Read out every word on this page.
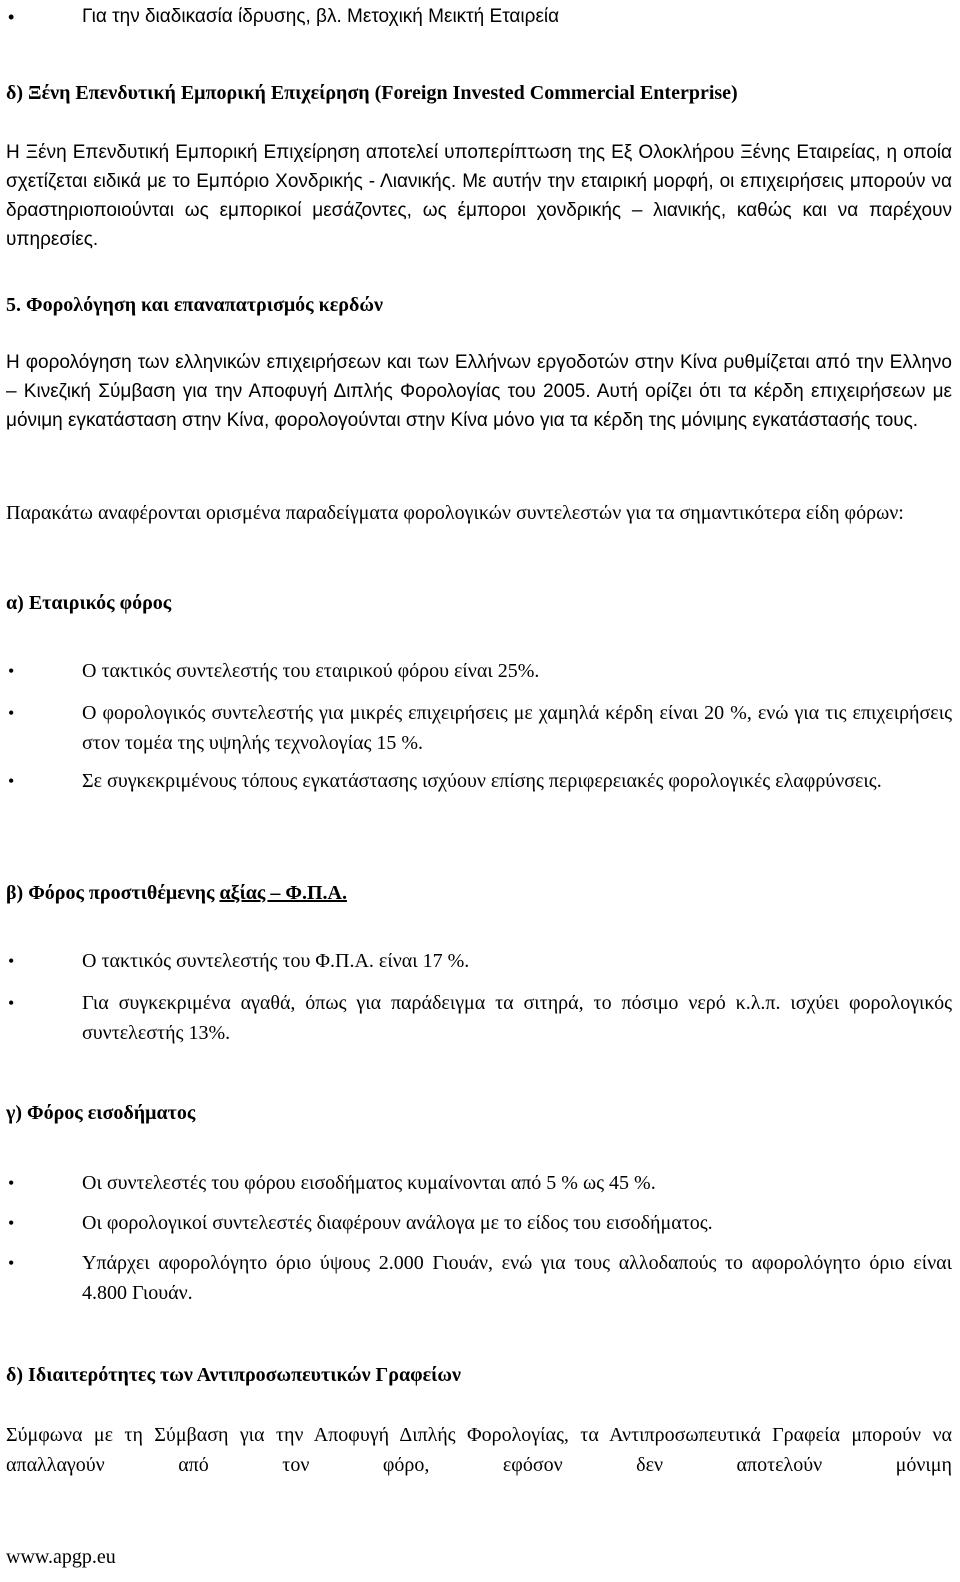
•	Για την διαδικασία ίδρυσης, βλ. Μετοχική Μεικτή Εταιρεία

δ) Ξένη Επενδυτική Εμπορική Επιχείρηση (Foreign Invested Commercial Enterprise)

Η Ξένη Επενδυτική Εμπορική Επιχείρηση αποτελεί υποπερίπτωση της Εξ Ολοκλήρου Ξένης Εταιρείας, η οποία σχετίζεται ειδικά με το Εμπόριο Χονδρικής - Λιανικής. Με αυτήν την εταιρική μορφή, οι επιχειρήσεις μπορούν να δραστηριοποιούνται ως εμπορικοί μεσάζοντες, ως έμποροι χονδρικής – λιανικής, καθώς και να παρέχουν υπηρεσίες.

5. Φορολόγηση και επαναπατρισμός κερδών

Η φορολόγηση των ελληνικών επιχειρήσεων και των Ελλήνων εργοδοτών στην Κίνα ρυθμίζεται από την Ελληνο – Κινεζική Σύμβαση για την Αποφυγή Διπλής Φορολογίας του 2005. Αυτή ορίζει ότι τα κέρδη επιχειρήσεων με μόνιμη εγκατάσταση στην Κίνα, φορολογούνται στην Κίνα μόνο για τα κέρδη της μόνιμης εγκατάστασής τους.

Παρακάτω αναφέρονται ορισμένα παραδείγματα φορολογικών συντελεστών για τα σημαντικότερα είδη φόρων:

α) Εταιρικός φόρος

•	Ο τακτικός συντελεστής του εταιρικού φόρου είναι 25%.
•	Ο φορολογικός συντελεστής για μικρές επιχειρήσεις με χαμηλά κέρδη είναι 20 %, ενώ για τις επιχειρήσεις στον τομέα της υψηλής τεχνολογίας 15 %.
•	Σε συγκεκριμένους τόπους εγκατάστασης ισχύουν επίσης περιφερειακές φορολογικές ελαφρύνσεις.

β) Φόρος προστιθέμενης αξίας – Φ.Π.Α.

•	Ο τακτικός συντελεστής του Φ.Π.Α. είναι 17 %.
•	Για συγκεκριμένα αγαθά, όπως για παράδειγμα τα σιτηρά, το πόσιμο νερό κ.λ.π. ισχύει φορολογικός συντελεστής 13%.

γ) Φόρος εισοδήματος

•	Οι συντελεστές του φόρου εισοδήματος κυμαίνονται από 5 % ως 45 %.
•	Οι φορολογικοί συντελεστές διαφέρουν ανάλογα με το είδος του εισοδήματος.
•	Υπάρχει αφορολόγητο όριο ύψους 2.000 Γιουάν, ενώ για τους αλλοδαπούς το αφορολόγητο όριο είναι 4.800 Γιουάν.

δ) Ιδιαιτερότητες των Αντιπροσωπευτικών Γραφείων

Σύμφωνα με τη Σύμβαση για την Αποφυγή Διπλής Φορολογίας, τα Αντιπροσωπευτικά Γραφεία μπορούν να απαλλαγούν από τον φόρο, εφόσον δεν αποτελούν μόνιμη

www.apgp.eu
